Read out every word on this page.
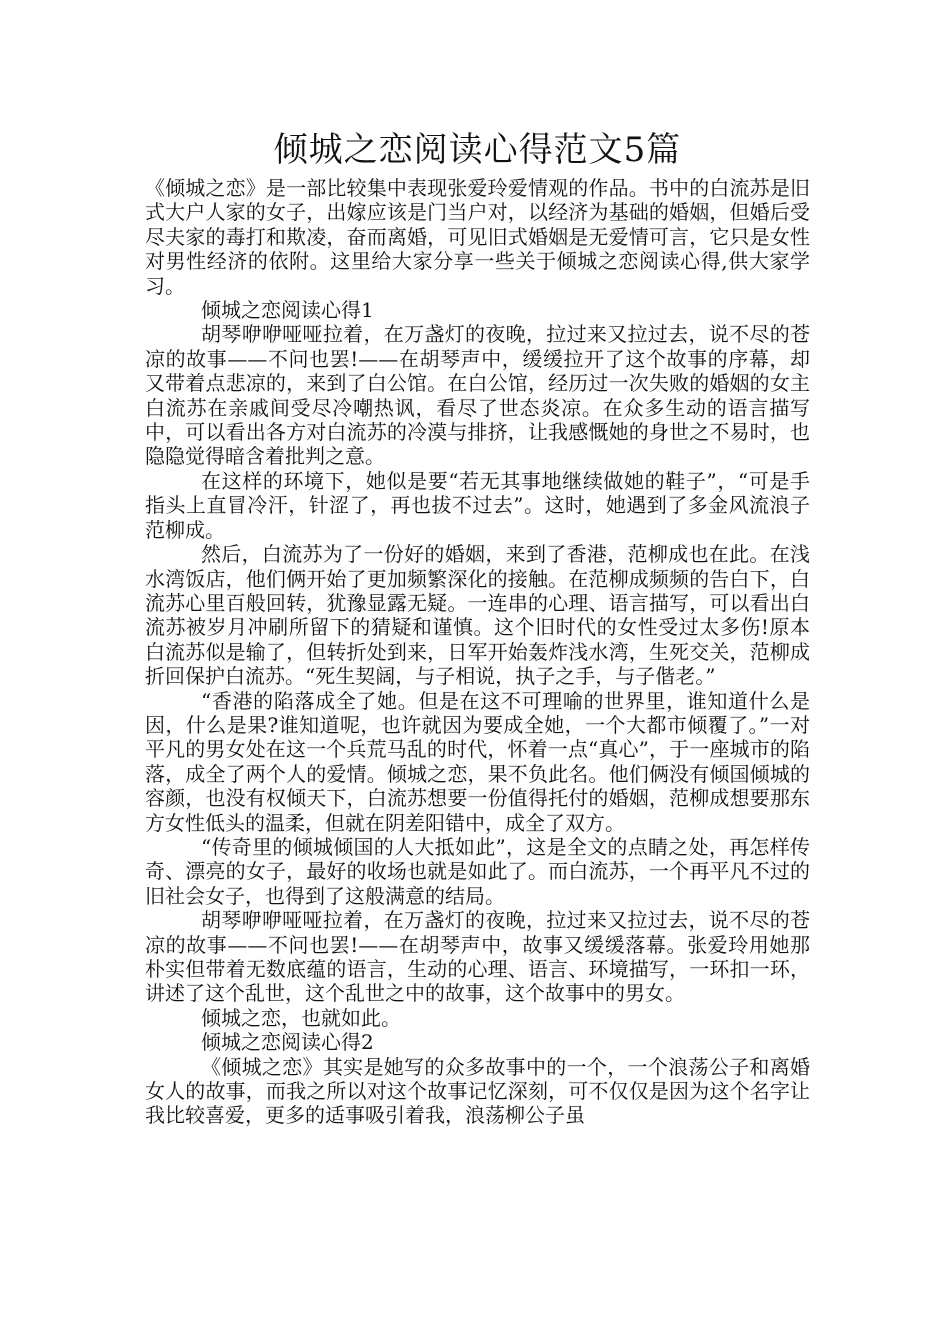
倾城之恋阅读心得范文5篇

《倾城之恋》是一部比较集中表现张爱玲爱情观的作品。书中的白流苏是旧式大户人家的女子，出嫁应该是门当户对，以经济为基础的婚姻，但婚后受尽夫家的毒打和欺凌，奋而离婚，可见旧式婚姻是无爱情可言，它只是女性对男性经济的依附。这里给大家分享一些关于倾城之恋阅读心得,供大家学习。

倾城之恋阅读心得1

胡琴咿咿哑哑拉着，在万盏灯的夜晚，拉过来又拉过去，说不尽的苍凉的故事——不问也罢!——在胡琴声中，缓缓拉开了这个故事的序幕，却又带着点悲凉的，来到了白公馆。在白公馆，经历过一次失败的婚姻的女主白流苏在亲戚间受尽冷嘲热讽，看尽了世态炎凉。在众多生动的语言描写中，可以看出各方对白流苏的冷漠与排挤，让我感慨她的身世之不易时，也隐隐觉得暗含着批判之意。

在这样的环境下，她似是要“若无其事地继续做她的鞋子”，“可是手指头上直冒冷汗，针涩了，再也拔不过去”。这时，她遇到了多金风流浪子范柳成。

然后，白流苏为了一份好的婚姻，来到了香港，范柳成也在此。在浅水湾饭店，他们俩开始了更加频繁深化的接触。在范柳成频频的告白下，白流苏心里百般回转，犹豫显露无疑。一连串的心理、语言描写，可以看出白流苏被岁月冲刷所留下的猜疑和谨慎。这个旧时代的女性受过太多伤!原本白流苏似是输了，但转折处到来，日军开始轰炸浅水湾，生死交关，范柳成折回保护白流苏。“死生契阔，与子相说，执子之手，与子偕老。”

“香港的陷落成全了她。但是在这不可理喻的世界里，谁知道什么是因，什么是果?谁知道呢，也许就因为要成全她，一个大都市倾覆了。”一对平凡的男女处在这一个兵荒马乱的时代，怀着一点“真心”，于一座城市的陷落，成全了两个人的爱情。倾城之恋，果不负此名。他们俩没有倾国倾城的容颜，也没有权倾天下，白流苏想要一份值得托付的婚姻，范柳成想要那东方女性低头的温柔，但就在阴差阳错中，成全了双方。

“传奇里的倾城倾国的人大抵如此”，这是全文的点睛之处，再怎样传奇、漂亮的女子，最好的收场也就是如此了。而白流苏，一个再平凡不过的旧社会女子，也得到了这般满意的结局。

胡琴咿咿哑哑拉着，在万盏灯的夜晚，拉过来又拉过去，说不尽的苍凉的故事——不问也罢!——在胡琴声中，故事又缓缓落幕。张爱玲用她那朴实但带着无数底蕴的语言，生动的心理、语言、环境描写，一环扣一环，讲述了这个乱世，这个乱世之中的故事，这个故事中的男女。

倾城之恋，也就如此。

倾城之恋阅读心得2

《倾城之恋》其实是她写的众多故事中的一个，一个浪荡公子和离婚女人的故事，而我之所以对这个故事记忆深刻，可不仅仅是因为这个名字让我比较喜爱，更多的适事吸引着我，浪荡柳公子虽
